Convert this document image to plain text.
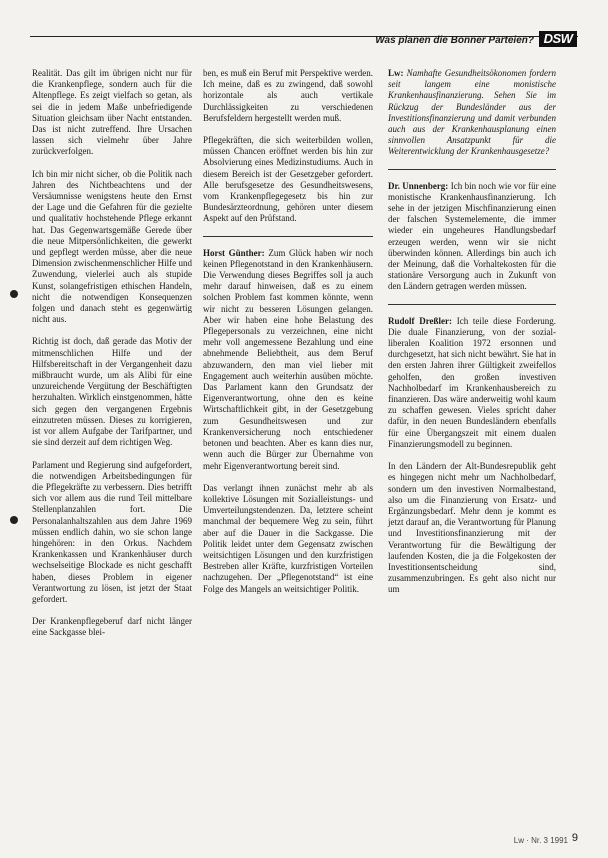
Was planen die Bonner Parteien? DSW

Realität. Das gilt im übrigen nicht nur für die Krankenpflege, sondern auch für die Altenpflege. Es zeigt vielfach so getan, als sei die in jedem Maße unbefriedigende Situation gleichsam über Nacht entstanden. Das ist nicht zutreffend. Ihre Ursachen lassen sich vielmehr über Jahre zurückverfolgen.

Ich bin mir nicht sicher, ob die Politik nach Jahren des Nichtbeachtens und der Versäumnisse wenigstens heute den Ernst der Lage und die Gefahren für die gezielte und qualitativ hochstehende Pflege erkannt hat. Das Gegenwartsgemäße Gerede über die neue Mitpersönlichkeiten, die gewerkt und gepflegt werden müsse, aber die neue Dimension zwischenmenschlicher Hilfe und Zuwendung, vielerlei auch als stupide Kunst, solangefristigen ethischen Handeln, nicht die notwendigen Konsequenzen folgen und danach steht es gegenwärtig nicht aus.

Richtig ist doch, daß gerade das Motiv der mitmenschlichen Hilfe und der Hilfsbereitschaft in der Vergangenheit dazu mißbraucht wurde, um als Alibi für eine unzureichende Vergütung der Beschäftigten herzuhalten. Wirklich einstgenommen, hätte sich gegen den vergangenen Ergebnis einzutreten müssen. Dieses zu korrigieren, ist vor allem Aufgabe der Tarifpartner, und sie sind derzeit auf dem richtigen Weg.

Parlament und Regierung sind aufgefordert, die notwendigen Arbeitsbedingungen für die Pflegekräfte zu verbessern. Dies betrifft sich vor allem aus die rund Teil mittelbare Stellenplanzahlen fort. Die Personalanhaltszahlen aus dem Jahre 1969 müssen endlich dahin, wo sie schon lange hingehören: in den Orkus. Nachdem Krankenkassen und Krankenhäuser durch wechselseitige Blockade es nicht geschafft haben, dieses Problem in eigener Verantwortung zu lösen, ist jetzt der Staat gefordert.

Der Krankenpflegeberuf darf nicht länger eine Sackgasse blei-

ben, es muß ein Beruf mit Perspektive werden. Ich meine, daß es zu zwingend, daß sowohl horizontale als auch vertikale Durchlässigkeiten zu verschiedenen Berufsfeldern hergestellt werden muß.

Pflegekräften, die sich weiterbilden wollen, müssen Chancen eröffnet werden bis hin zur Absolvierung eines Medizinstudiums. Auch in diesem Bereich ist der Gesetzgeber gefordert. Alle berufsgesetze des Gesundheitswesens, vom Krankenpflegegesetz bis hin zur Bundesärzteordnung, gehören unter diesem Aspekt auf den Prüfstand.

Horst Günther: Zum Glück haben wir noch keinen Pflegenotstand in den Krankenhäusern. Die Verwendung dieses Begriffes soll ja auch mehr darauf hinweisen, daß es zu einem solchen Problem fast kommen könnte, wenn wir nicht zu besseren Lösungen gelangen. Aber wir haben eine hohe Belastung des Pflegepersonals zu verzeichnen, eine nicht mehr voll angemessene Bezahlung und eine abnehmende Beliebtheit, aus dem Beruf abzuwandern, den man viel lieber mit Engagement auch weiterhin ausüben möchte. Das Parlament kann den Grundsatz der Eigenverantwortung, ohne den es keine Wirtschaftlichkeit gibt, in der Gesetzgebung zum Gesundheitswesen und zur Krankenversicherung noch entschiedener betonen und beachten. Aber es kann dies nur, wenn auch die Bürger zur Übernahme von mehr Eigenverantwortung bereit sind.

Das verlangt ihnen zunächst mehr ab als kollektive Lösungen mit Sozialleistungs- und Umverteilungstendenzen. Da, letztere scheint manchmal der bequemere Weg zu sein, führt aber auf die Dauer in die Sackgasse. Die Politik leidet unter dem Gegensatz zwischen weitsichtigen Lösungen und den kurzfristigen Bestreben aller Kräfte, kurzfristigen Vorteilen nachzugehen. Der „Pflegenotstand“ ist eine Folge des Mangels an weitsichtiger Politik.

Lw: Namhafte Gesundheitsökonomen fordern seit langem eine monistische Krankenhausfinanzierung. Sehen Sie im Rückzug der Bundesländer aus der Investitionsfinanzierung und damit verbunden auch aus der Krankenhausplanung einen sinnvollen Ansatzpunkt für die Weiterentwicklung der Krankenhausgesetze?

Dr. Unnenberg: Ich bin noch wie vor für eine monistische Krankenhausfinanzierung. Ich sehe in der jetzigen Mischfinanzierung einen der falschen Systemelemente, die immer wieder ein ungeheures Handlungsbedarf erzeugen werden, wenn wir sie nicht überwinden können. Allerdings bin auch ich der Meinung, daß die Vorhaltekosten für die stationäre Versorgung auch in Zukunft von den Ländern getragen werden müssen.

Rudolf Dreßler: Ich teile diese Forderung. Die duale Finanzierung, von der sozial-liberalen Koalition 1972 ersonnen und durchgesetzt, hat sich nicht bewährt. Sie hat in den ersten Jahren ihrer Gültigkeit zweifellos geholfen, den großen investiven Nachholbedarf im Krankenhausbereich zu finanzieren. Das wäre anderweitig wohl kaum zu schaffen gewesen. Vieles spricht daher dafür, in den neuen Bundesländern ebenfalls für eine Übergangszeit mit einem dualen Finanzierungsmodell zu beginnen.

In den Ländern der Alt-Bundesrepublik geht es hingegen nicht mehr um Nachholbedarf, sondern um den investiven Normalbestand, also um die Finanzierung von Ersatz- und Ergänzungsbedarf. Mehr denn je kommt es jetzt darauf an, die Verantwortung für Planung und Investitionsfinanzierung mit der Verantwortung für die Bewältigung der laufenden Kosten, die ja die Folgekosten der Investitionsentscheidung sind, zusammenzubringen. Es geht also nicht nur um

Lw · Nr. 3 1991 9
